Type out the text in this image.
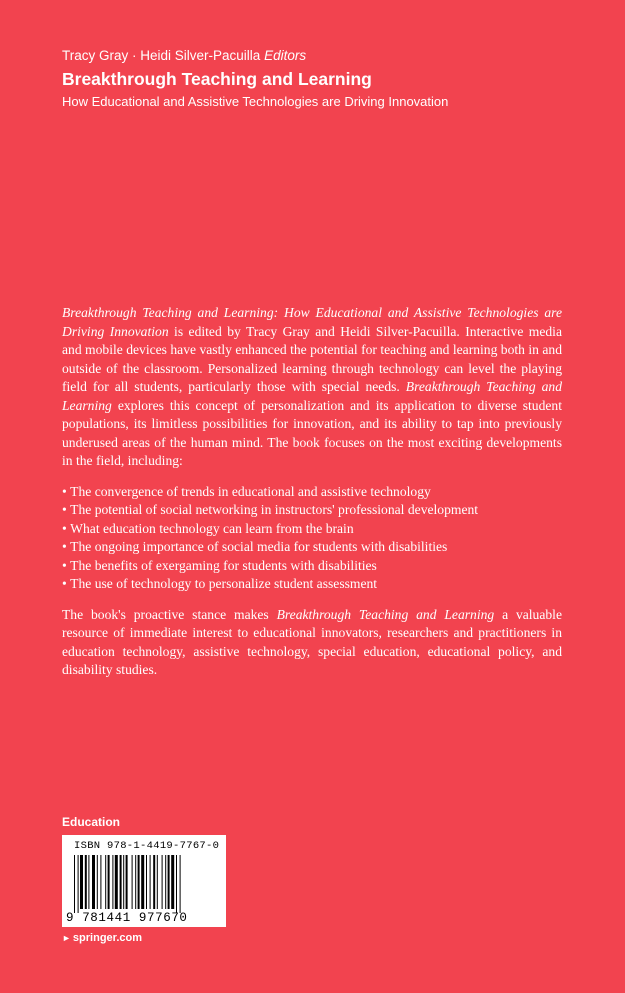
Tracy Gray · Heidi Silver-Pacuilla Editors
Breakthrough Teaching and Learning
How Educational and Assistive Technologies are Driving Innovation

Breakthrough Teaching and Learning: How Educational and Assistive Technologies are Driving Innovation is edited by Tracy Gray and Heidi Silver-Pacuilla. Interactive media and mobile devices have vastly enhanced the potential for teaching and learning both in and outside of the classroom. Personalized learning through technology can level the playing field for all students, particularly those with special needs. Breakthrough Teaching and Learning explores this concept of personalization and its application to diverse student populations, its limitless possibilities for innovation, and its ability to tap into previously underused areas of the human mind. The book focuses on the most exciting developments in the field, including:

• The convergence of trends in educational and assistive technology
• The potential of social networking in instructors' professional development
• What education technology can learn from the brain
• The ongoing importance of social media for students with disabilities
• The benefits of exergaming for students with disabilities
• The use of technology to personalize student assessment

The book's proactive stance makes Breakthrough Teaching and Learning a valuable resource of immediate interest to educational innovators, researchers and practitioners in education technology, assistive technology, special education, educational policy, and disability studies.

Education
ISBN 978-1-4419-7767-0
9 781441 977670
► springer.com
